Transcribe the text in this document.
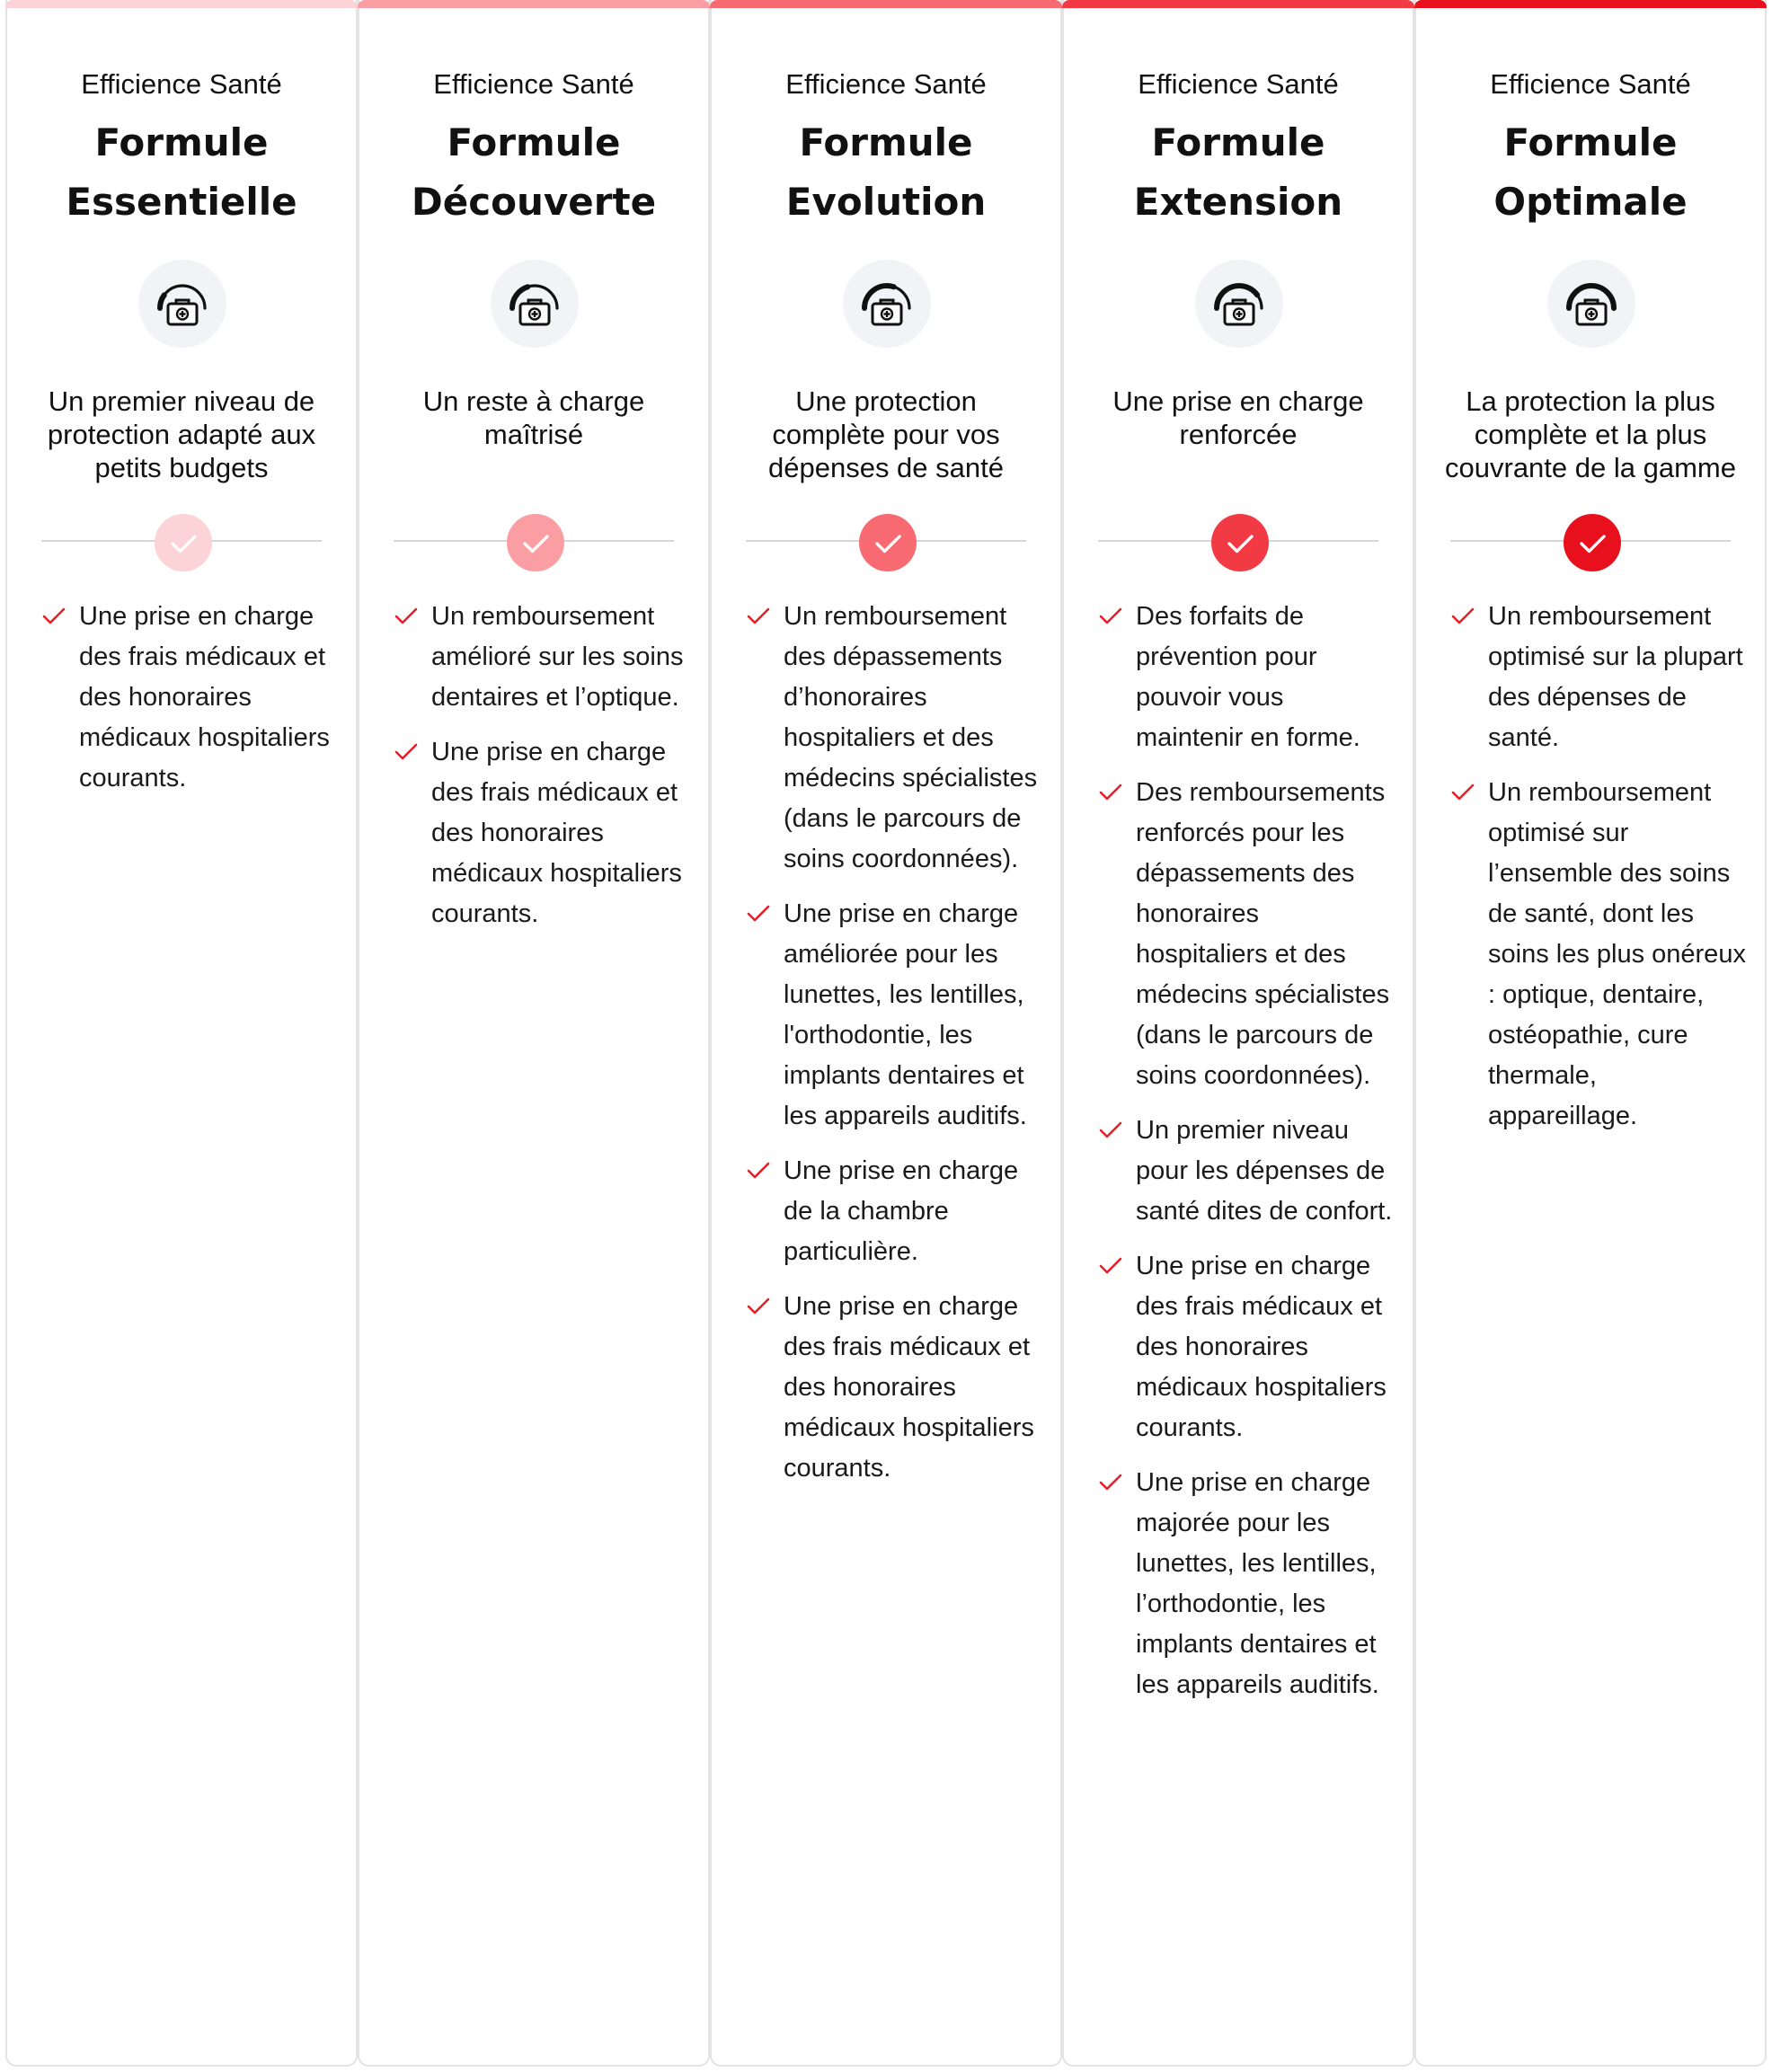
Efficience Santé
Formule
Essentielle
Un premier niveau de protection adapté aux petits budgets
Une prise en charge des frais médicaux et des honoraires médicaux hospitaliers courants.
Efficience Santé
Formule
Découverte
Un reste à charge maîtrisé
Un remboursement amélioré sur les soins dentaires et l’optique.
Une prise en charge des frais médicaux et des honoraires médicaux hospitaliers courants.
Efficience Santé
Formule
Evolution
Une protection complète pour vos dépenses de santé
Un remboursement des dépassements d’honoraires hospitaliers et des médecins spécialistes (dans le parcours de soins coordonnées).
Une prise en charge améliorée pour les lunettes, les lentilles, l'orthodontie, les implants dentaires et les appareils auditifs.
Une prise en charge de la chambre particulière.
Une prise en charge des frais médicaux et des honoraires médicaux hospitaliers courants.
Efficience Santé
Formule
Extension
Une prise en charge renforcée
Des forfaits de prévention pour pouvoir vous maintenir en forme.
Des remboursements renforcés pour les dépassements des honoraires hospitaliers et des médecins spécialistes (dans le parcours de soins coordonnées).
Un premier niveau pour les dépenses de santé dites de confort.
Une prise en charge des frais médicaux et des honoraires médicaux hospitaliers courants.
Une prise en charge majorée pour les lunettes, les lentilles, l’orthodontie, les implants dentaires et les appareils auditifs.
Efficience Santé
Formule
Optimale
La protection la plus complète et la plus couvrante de la gamme
Un remboursement optimisé sur la plupart des dépenses de santé.
Un remboursement optimisé sur l’ensemble des soins de santé, dont les soins les plus onéreux : optique, dentaire, ostéopathie, cure thermale, appareillage.
